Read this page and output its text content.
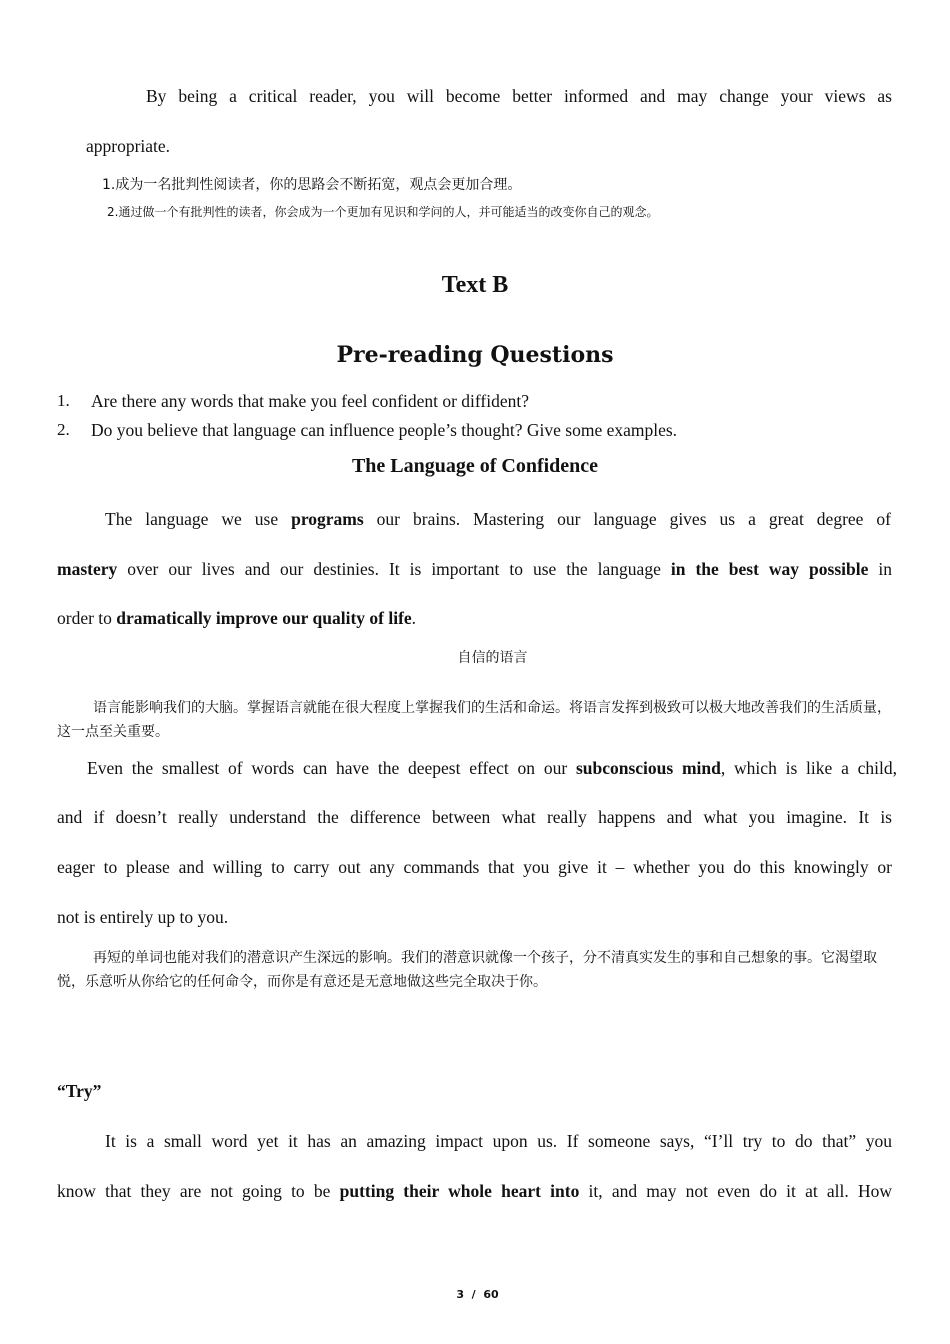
By being a critical reader, you will become better informed and may change your views as
appropriate.
1.成为一名批判性阅读者，你的思路会不断拓宽，观点会更加合理。
2.通过做一个有批判性的读者，你会成为一个更加有见识和学问的人，并可能适当的改变你自己的观念。
Text B
Pre-reading Questions
1. Are there any words that make you feel confident or diffident?
2. Do you believe that language can influence people’s thought? Give some examples.
The Language of Confidence
The language we use programs our brains. Mastering our language gives us a great degree of
mastery over our lives and our destinies. It is important to use the language in the best way possible in
order to dramatically improve our quality of life.
自信的语言
语言能影响我们的大脑。掌握语言就能在很大程度上掌握我们的生活和命运。将语言发挥到极致可以极大地改善我们的生活质量，这一点至关重要。
Even the smallest of words can have the deepest effect on our subconscious mind, which is like a child,
and if doesn’t really understand the difference between what really happens and what you imagine. It is
eager to please and willing to carry out any commands that you give it – whether you do this knowingly or
not is entirely up to you.
再短的单词也能对我们的潜意识产生深远的影响。我们的潜意识就像一个孩子，分不清真实发生的事和自己想象的事。它渴望取悦，乐意听从你给它的任何命令，而你是有意还是无意地做这些完全取决于你。
“Try”
It is a small word yet it has an amazing impact upon us. If someone says, “I’ll try to do that” you
know that they are not going to be putting their whole heart into it, and may not even do it at all. How
3  /  60
